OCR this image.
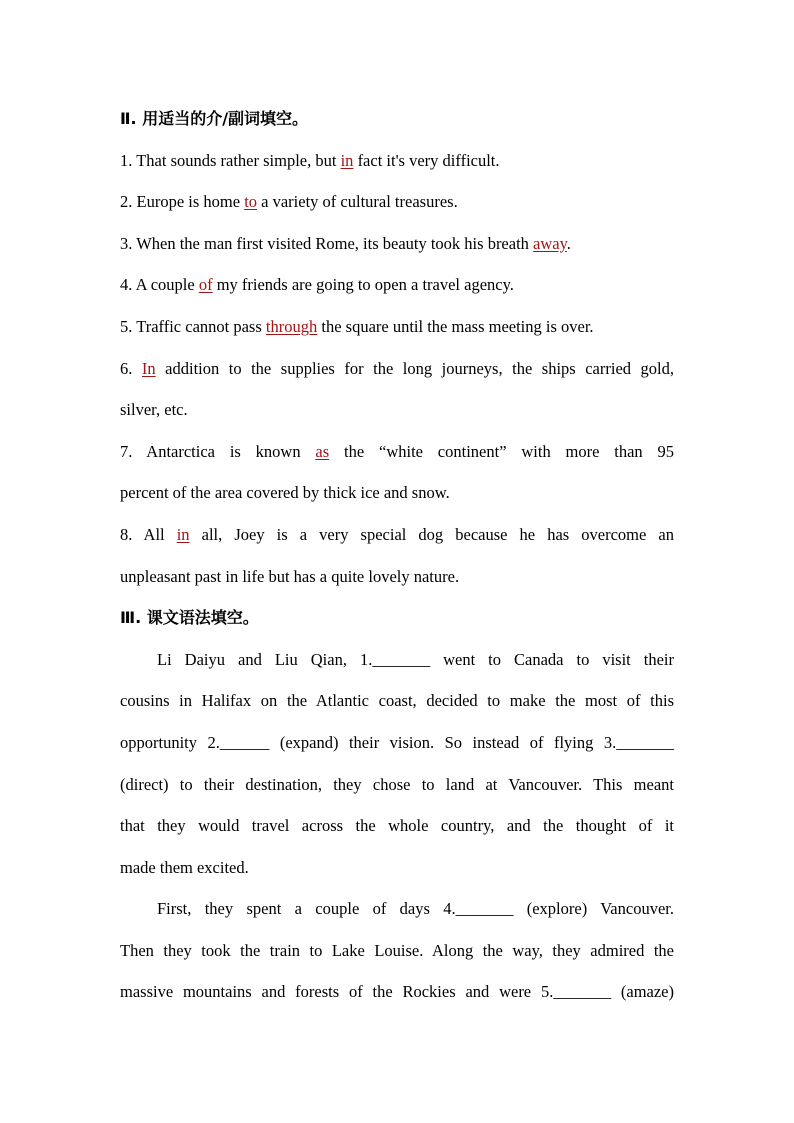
Ⅱ. 用适当的介/副词填空。
1. That sounds rather simple, but in fact it's very difficult.
2. Europe is home to a variety of cultural treasures.
3. When the man first visited Rome, its beauty took his breath away.
4. A couple of my friends are going to open a travel agency.
5. Traffic cannot pass through the square until the mass meeting is over.
6. In addition to the supplies for the long journeys, the ships carried gold,
silver, etc.
7. Antarctica is known as the “white continent” with more than 95
percent of the area covered by thick ice and snow.
8. All in all, Joey is a very special dog because he has overcome an
unpleasant past in life but has a quite lovely nature.
Ⅲ. 课文语法填空。
Li Daiyu and Liu Qian, 1._______ went to Canada to visit their
cousins in Halifax on the Atlantic coast, decided to make the most of this
opportunity 2.______ (expand) their vision. So instead of flying 3._______
(direct) to their destination, they chose to land at Vancouver. This meant
that they would travel across the whole country, and the thought of it
made them excited.
First, they spent a couple of days 4._______ (explore) Vancouver.
Then they took the train to Lake Louise. Along the way, they admired the
massive mountains and forests of the Rockies and were 5._______ (amaze)
